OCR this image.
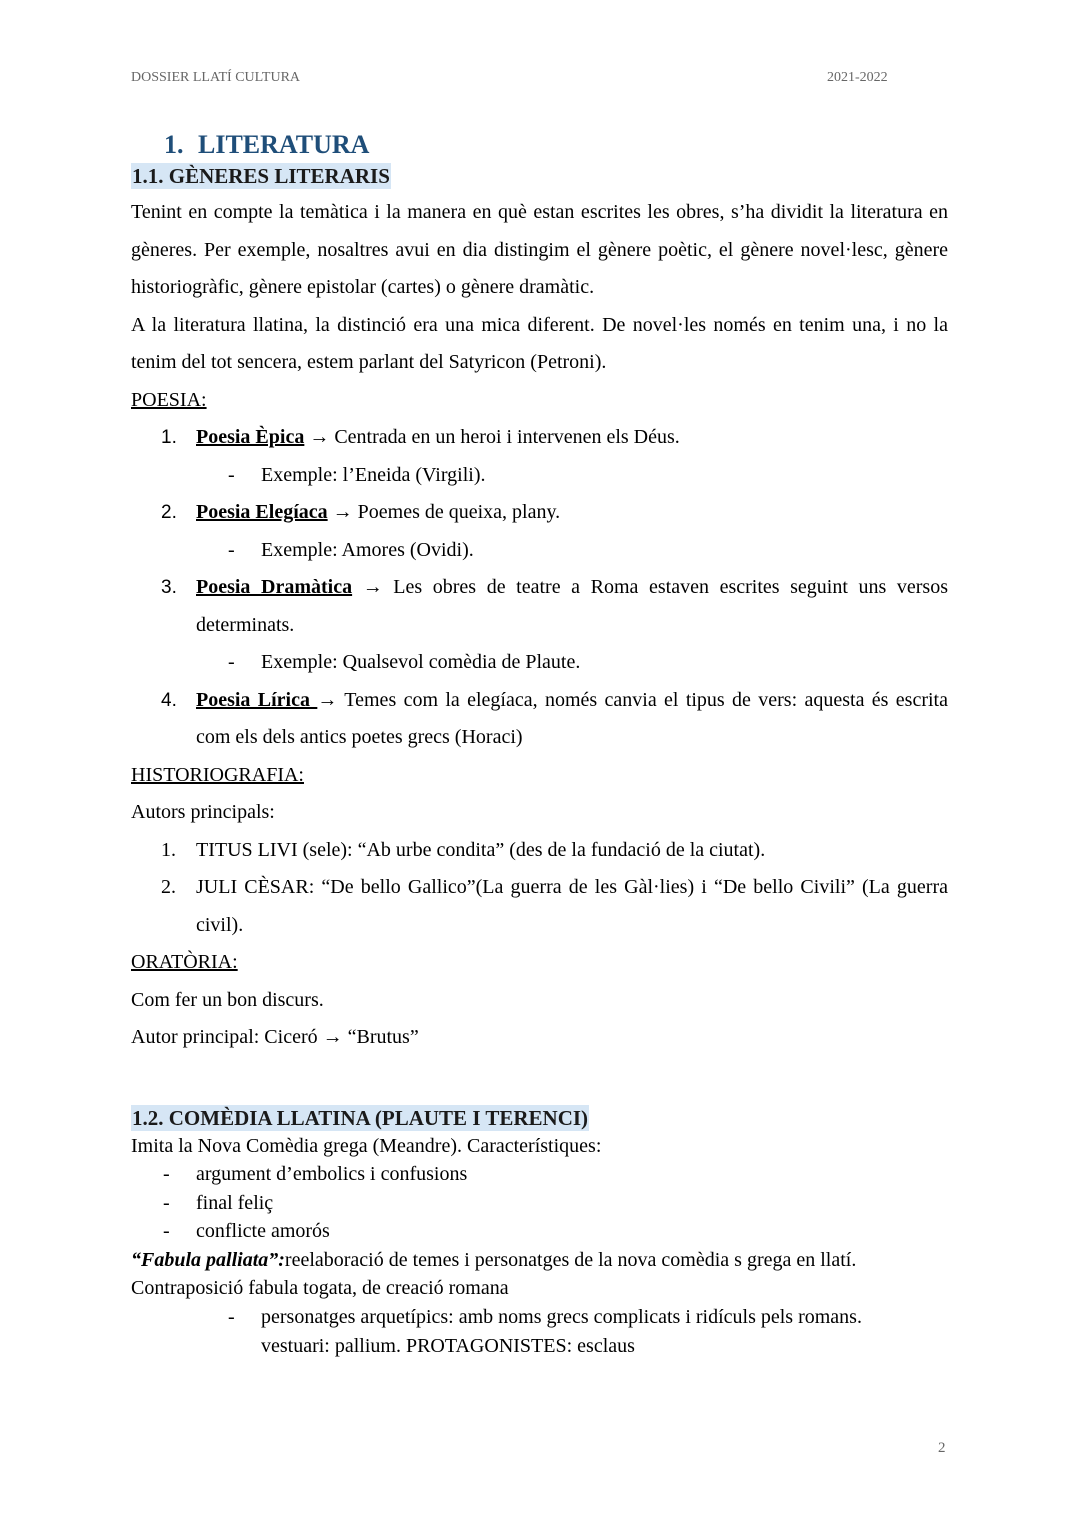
DOSSIER LLATÍ CULTURA	2021-2022
1. LITERATURA
1.1. GÈNERES LITERARIS

Tenint en compte la temàtica i la manera en què estan escrites les obres, s’ha dividit la literatura en gèneres. Per exemple, nosaltres avui en dia distingim el gènere poètic, el gènere novel·lesc, gènere historiogràfic, gènere epistolar (cartes) o gènere dramàtic.

A la literatura llatina, la distinció era una mica diferent. De novel·les només en tenim una, i no la tenim del tot sencera, estem parlant del Satyricon (Petroni).

POESIA:
1. Poesia Èpica → Centrada en un heroi i intervenen els Déus.
- Exemple: l’Eneida (Virgili).
2. Poesia Elegíaca → Poemes de queixa, plany.
- Exemple: Amores (Ovidi).
3. Poesia Dramàtica → Les obres de teatre a Roma estaven escrites seguint uns versos determinats.
- Exemple: Qualsevol comèdia de Plaute.
4. Poesia Lírica → Temes com la elegíaca, només canvia el tipus de vers: aquesta és escrita com els dels antics poetes grecs (Horaci)
HISTORIOGRAFIA:
Autors principals:
1. TITUS LIVI (sele): “Ab urbe condita” (des de la fundació de la ciutat).
2. JULI CÈSAR: “De bello Gallico”(La guerra de les Gàl·lies) i “De bello Civili” (La guerra civil).
ORATÒRIA:
Com fer un bon discurs.
Autor principal: Ciceró → “Brutus”
1.2. COMÈDIA LLATINA (PLAUTE I TERENCI)
Imita la Nova Comèdia grega (Meandre). Característiques:
- argument d’embolics i confusions
- final feliç
- conflicte amorós
“Fabula palliata”:reelaboració de temes i personatges de la nova comèdia s grega en llatí.
Contraposició fabula togata, de creació romana
- personatges arquetípics: amb noms grecs complicats i ridículs pels romans.
vestuari: pallium. PROTAGONISTES: esclaus
2
